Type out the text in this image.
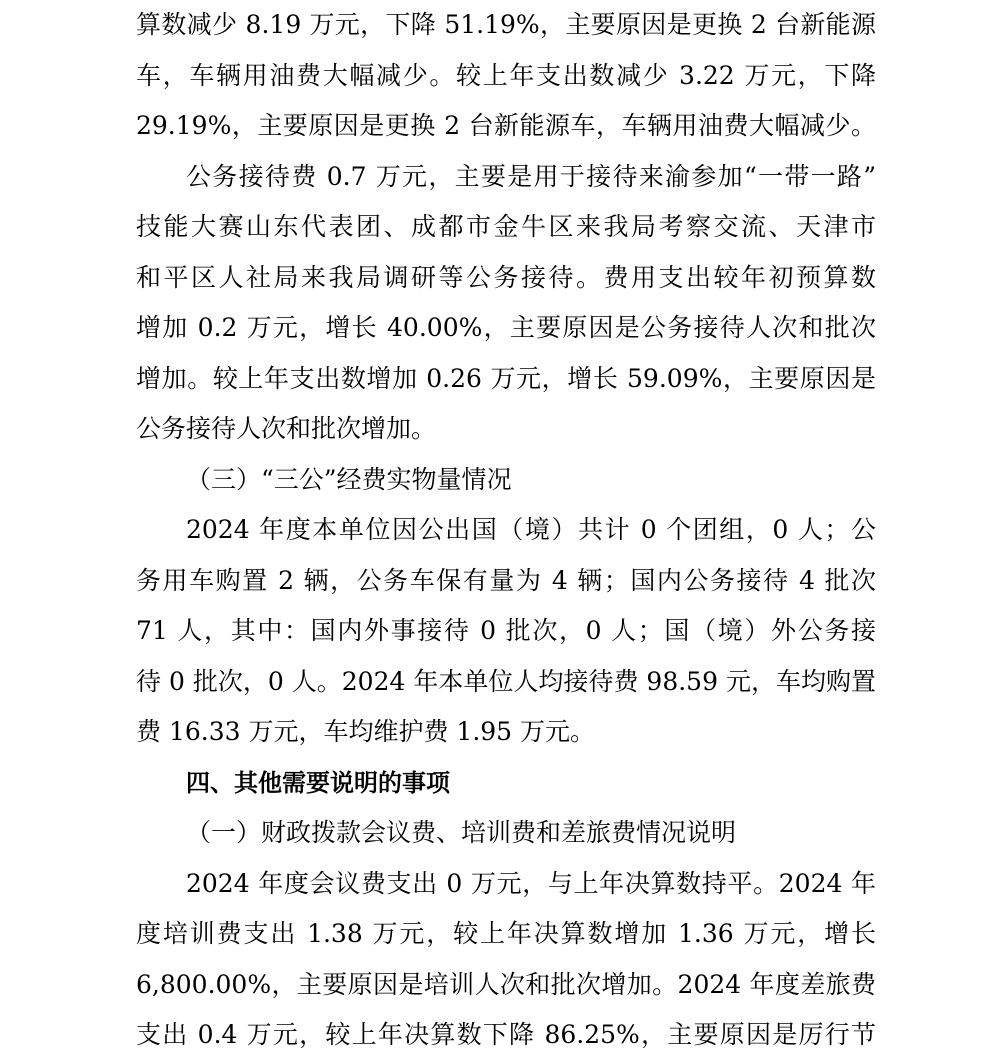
算数减少 8.19 万元，下降 51.19%，主要原因是更换 2 台新能源
车，车辆用油费大幅减少。较上年支出数减少 3.22 万元，下降
29.19%，主要原因是更换 2 台新能源车，车辆用油费大幅减少。
公务接待费 0.7 万元，主要是用于接待来渝参加“一带一路”
技能大赛山东代表团、成都市金牛区来我局考察交流、天津市
和平区人社局来我局调研等公务接待。费用支出较年初预算数
增加 0.2 万元，增长 40.00%，主要原因是公务接待人次和批次
增加。较上年支出数增加 0.26 万元，增长 59.09%，主要原因是
公务接待人次和批次增加。
（三）“三公”经费实物量情况
2024 年度本单位因公出国（境）共计 0 个团组，0 人；公
务用车购置 2 辆，公务车保有量为 4 辆；国内公务接待 4 批次
71 人，其中：国内外事接待 0 批次，0 人；国（境）外公务接
待 0 批次，0 人。2024 年本单位人均接待费 98.59 元，车均购置
费 16.33 万元，车均维护费 1.95 万元。
四、其他需要说明的事项
（一）财政拨款会议费、培训费和差旅费情况说明
2024 年度会议费支出 0 万元，与上年决算数持平。2024 年
度培训费支出 1.38 万元，较上年决算数增加 1.36 万元，增长
6,800.00%，主要原因是培训人次和批次增加。2024 年度差旅费
支出 0.4 万元，较上年决算数下降 86.25%，主要原因是厉行节
